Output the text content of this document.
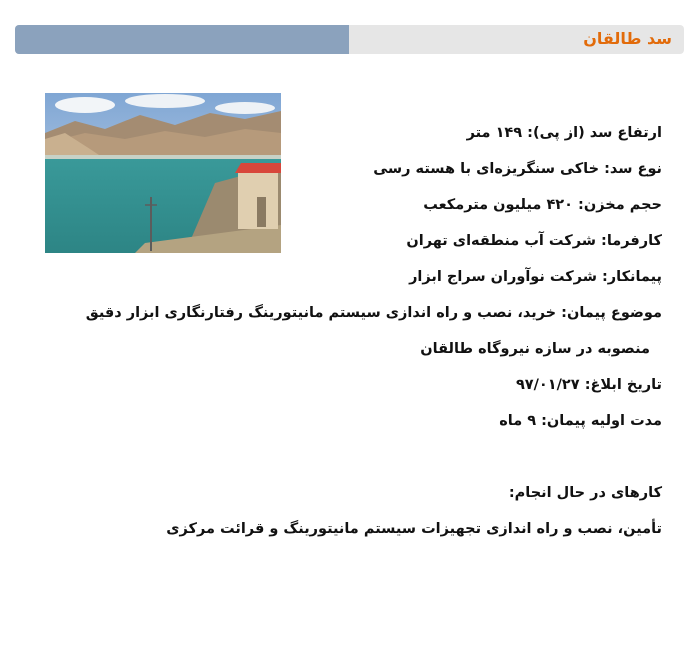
سد طالقان
ارتفاع سد (از پی): ۱۴۹ متر
نوع سد: خاکی سنگریزه‌ای با هسته رسی
حجم مخزن: ۴۲۰ میلیون مترمکعب
کارفرما: شرکت آب منطقه‌ای تهران
پیمانکار: شرکت نوآوران سراج ابزار
موضوع پیمان: خرید، نصب و راه اندازی سیستم مانیتورینگ رفتارنگاری ابزار دقیق
منصوبه در سازه نیروگاه طالقان
تاریخ ابلاغ: ۹۷/۰۱/۲۷
مدت اولیه پیمان: ۹ ماه
کارهای در حال انجام:
تأمین، نصب و راه اندازی تجهیزات سیستم مانیتورینگ و قرائت مرکزی
